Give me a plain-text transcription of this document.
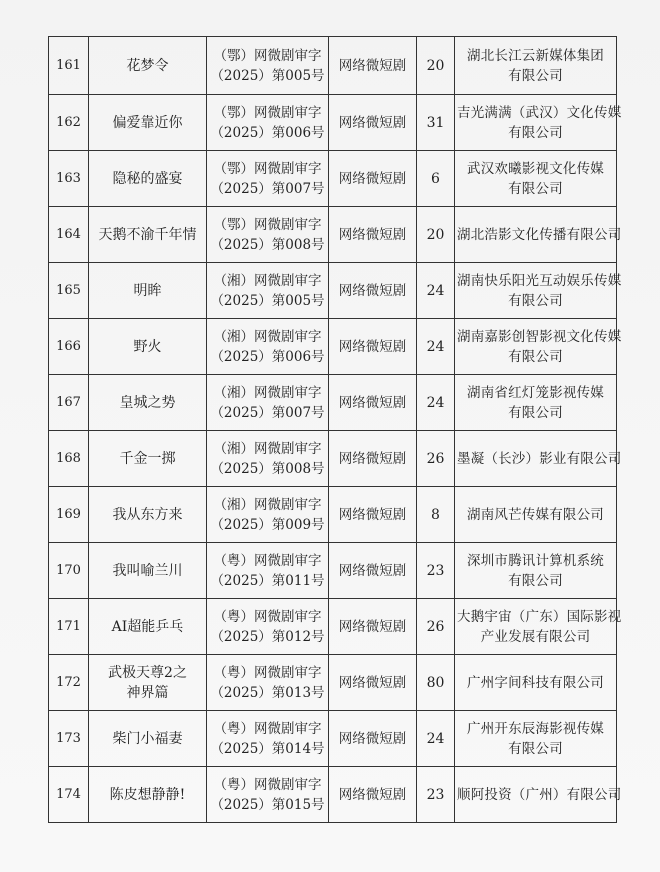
161	花梦令	（鄂）网微剧审字
（2025）第005号	网络微短剧	20	湖北长江云新媒体集团
有限公司

162	偏爱靠近你	（鄂）网微剧审字
（2025）第006号	网络微短剧	31	吉光满满（武汉）文化传媒
有限公司

163	隐秘的盛宴	（鄂）网微剧审字
（2025）第007号	网络微短剧	6	武汉欢曦影视文化传媒
有限公司

164	天鹅不渝千年情	（鄂）网微剧审字
（2025）第008号	网络微短剧	20	湖北浩影文化传播有限公司

165	明眸	（湘）网微剧审字
（2025）第005号	网络微短剧	24	湖南快乐阳光互动娱乐传媒
有限公司

166	野火	（湘）网微剧审字
（2025）第006号	网络微短剧	24	湖南嘉影创智影视文化传媒
有限公司

167	皇城之势	（湘）网微剧审字
（2025）第007号	网络微短剧	24	湖南省红灯笼影视传媒
有限公司

168	千金一掷	（湘）网微剧审字
（2025）第008号	网络微短剧	26	墨凝（长沙）影业有限公司

169	我从东方来	（湘）网微剧审字
（2025）第009号	网络微短剧	8	湖南风芒传媒有限公司

170	我叫喻兰川	（粤）网微剧审字
（2025）第011号	网络微短剧	23	深圳市腾讯计算机系统
有限公司

171	AI超能乒乓	（粤）网微剧审字
（2025）第012号	网络微短剧	26	大鹅宇宙（广东）国际影视
产业发展有限公司

172	武极天尊2之
神界篇	（粤）网微剧审字
（2025）第013号	网络微短剧	80	广州字间科技有限公司

173	柴门小福妻	（粤）网微剧审字
（2025）第014号	网络微短剧	24	广州开东辰海影视传媒
有限公司

174	陈皮想静静!	（粤）网微剧审字
（2025）第015号	网络微短剧	23	顺阿投资（广州）有限公司
